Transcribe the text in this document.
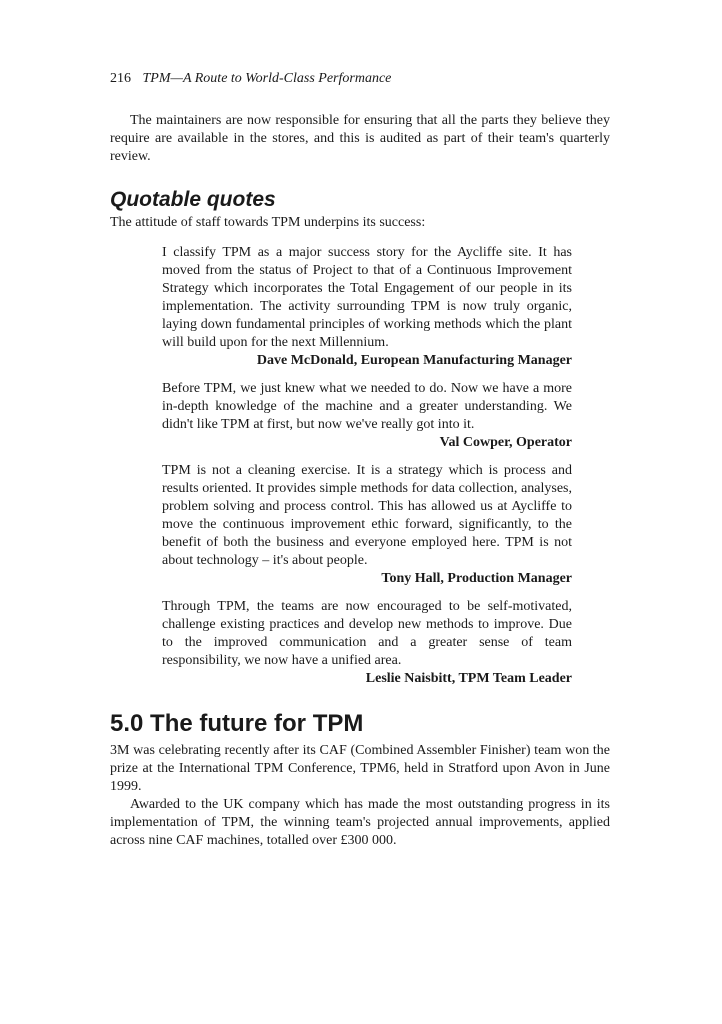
216 TPM—A Route to World-Class Performance

The maintainers are now responsible for ensuring that all the parts they believe they require are available in the stores, and this is audited as part of their team's quarterly review.

Quotable quotes

The attitude of staff towards TPM underpins its success:

I classify TPM as a major success story for the Aycliffe site. It has moved from the status of Project to that of a Continuous Improvement Strategy which incorporates the Total Engagement of our people in its implementation. The activity surrounding TPM is now truly organic, laying down fundamental principles of working methods which the plant will build upon for the next Millennium.

Dave McDonald, European Manufacturing Manager

Before TPM, we just knew what we needed to do. Now we have a more in-depth knowledge of the machine and a greater understanding. We didn't like TPM at first, but now we've really got into it.

Val Cowper, Operator

TPM is not a cleaning exercise. It is a strategy which is process and results oriented. It provides simple methods for data collection, analyses, problem solving and process control. This has allowed us at Aycliffe to move the continuous improvement ethic forward, significantly, to the benefit of both the business and everyone employed here. TPM is not about technology – it's about people.

Tony Hall, Production Manager

Through TPM, the teams are now encouraged to be self-motivated, challenge existing practices and develop new methods to improve. Due to the improved communication and a greater sense of team responsibility, we now have a unified area.

Leslie Naisbitt, TPM Team Leader
5.0 The future for TPM

3M was celebrating recently after its CAF (Combined Assembler Finisher) team won the prize at the International TPM Conference, TPM6, held in Stratford upon Avon in June 1999.

Awarded to the UK company which has made the most outstanding progress in its implementation of TPM, the winning team's projected annual improvements, applied across nine CAF machines, totalled over £300 000.
